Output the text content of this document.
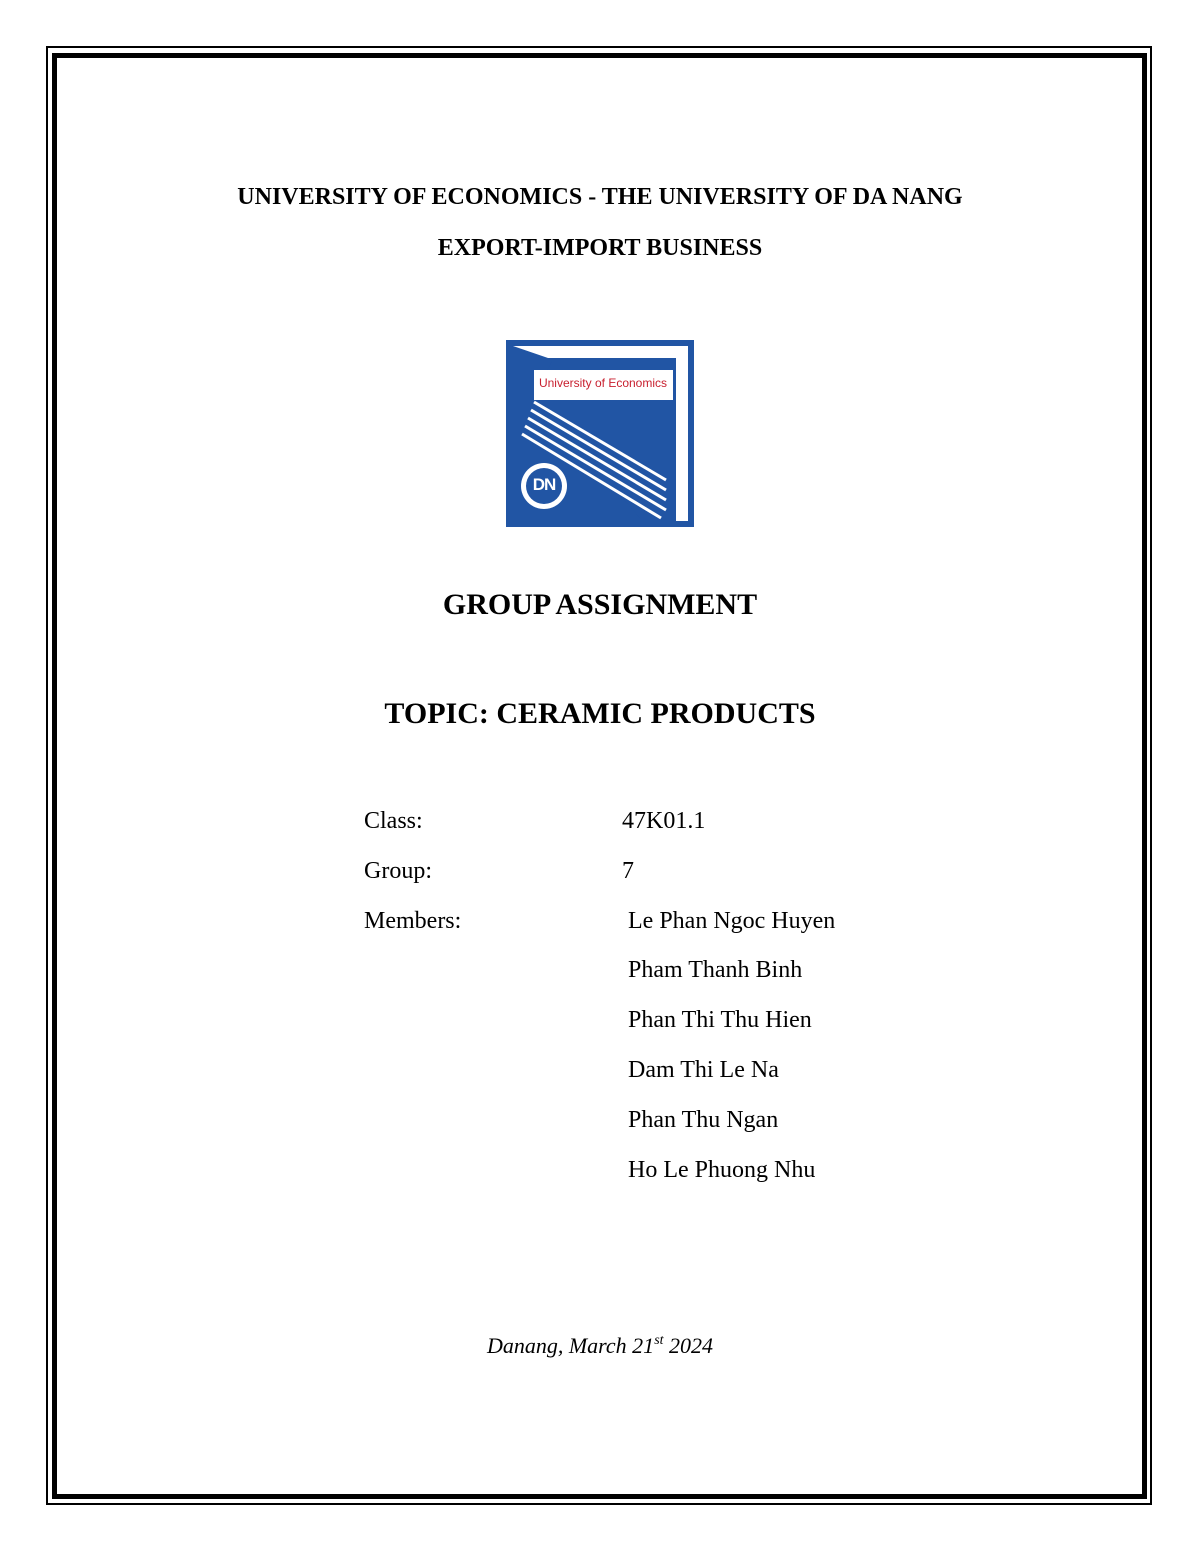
UNIVERSITY OF ECONOMICS - THE UNIVERSITY OF DA NANG
EXPORT-IMPORT BUSINESS
University of Economics
DN
GROUP ASSIGNMENT
TOPIC: CERAMIC PRODUCTS
Class:	47K01.1
Group:	7
Members:	Le Phan Ngoc Huyen
Pham Thanh Binh
Phan Thi Thu Hien
Dam Thi Le Na
Phan Thu Ngan
Ho Le Phuong Nhu
Danang, March 21st 2024
